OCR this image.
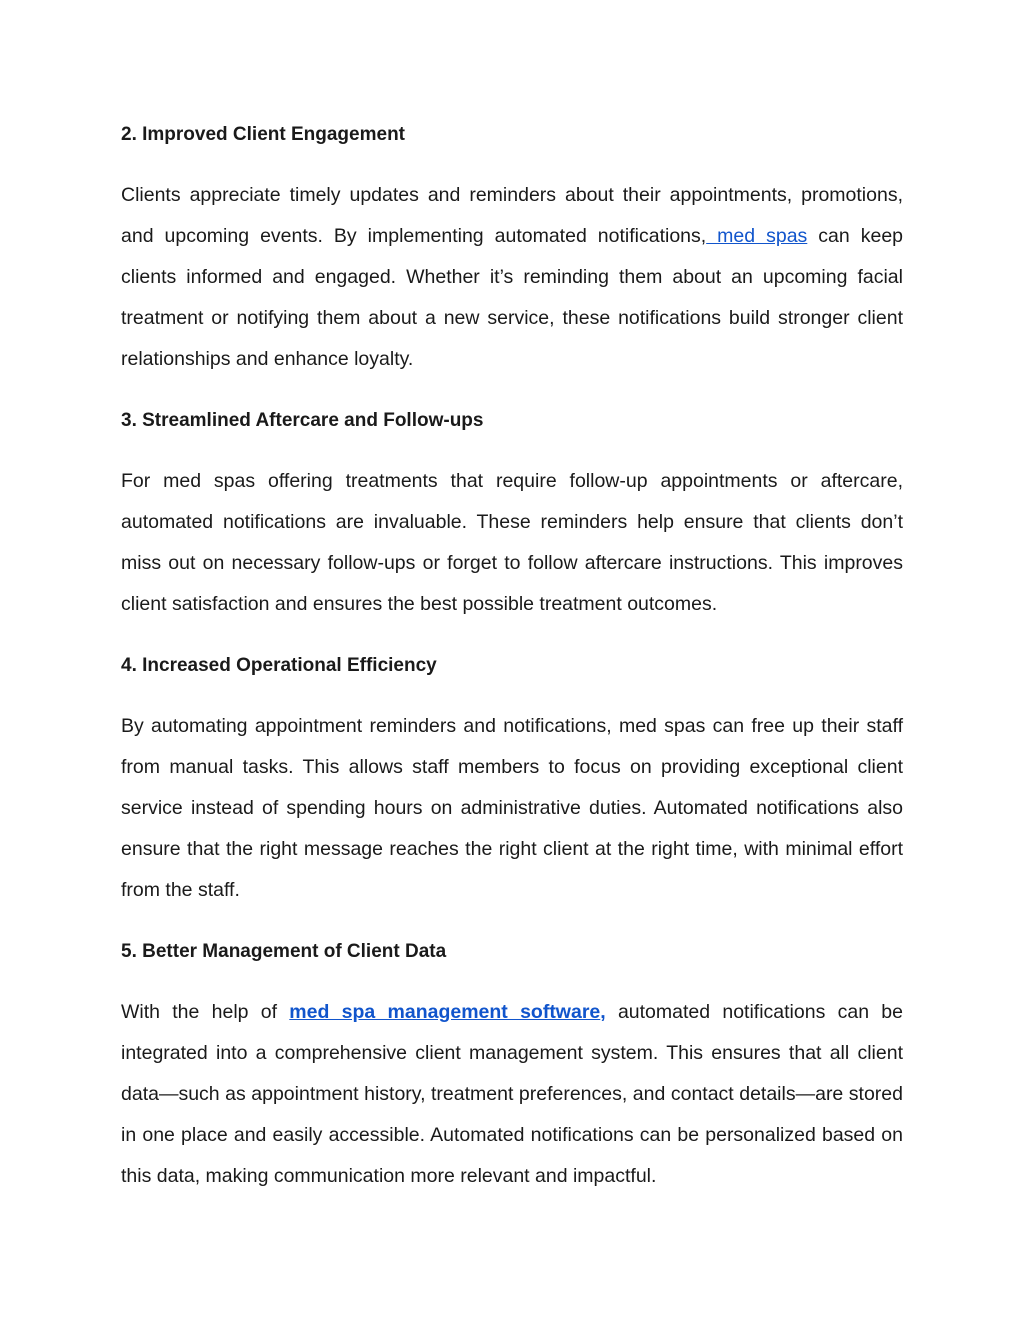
2. Improved Client Engagement

Clients appreciate timely updates and reminders about their appointments, promotions, and upcoming events. By implementing automated notifications, med spas can keep clients informed and engaged. Whether it’s reminding them about an upcoming facial treatment or notifying them about a new service, these notifications build stronger client relationships and enhance loyalty.

3. Streamlined Aftercare and Follow-ups

For med spas offering treatments that require follow-up appointments or aftercare, automated notifications are invaluable. These reminders help ensure that clients don’t miss out on necessary follow-ups or forget to follow aftercare instructions. This improves client satisfaction and ensures the best possible treatment outcomes.

4. Increased Operational Efficiency

By automating appointment reminders and notifications, med spas can free up their staff from manual tasks. This allows staff members to focus on providing exceptional client service instead of spending hours on administrative duties. Automated notifications also ensure that the right message reaches the right client at the right time, with minimal effort from the staff.

5. Better Management of Client Data

With the help of med spa management software, automated notifications can be integrated into a comprehensive client management system. This ensures that all client data—such as appointment history, treatment preferences, and contact details—are stored in one place and easily accessible. Automated notifications can be personalized based on this data, making communication more relevant and impactful.
